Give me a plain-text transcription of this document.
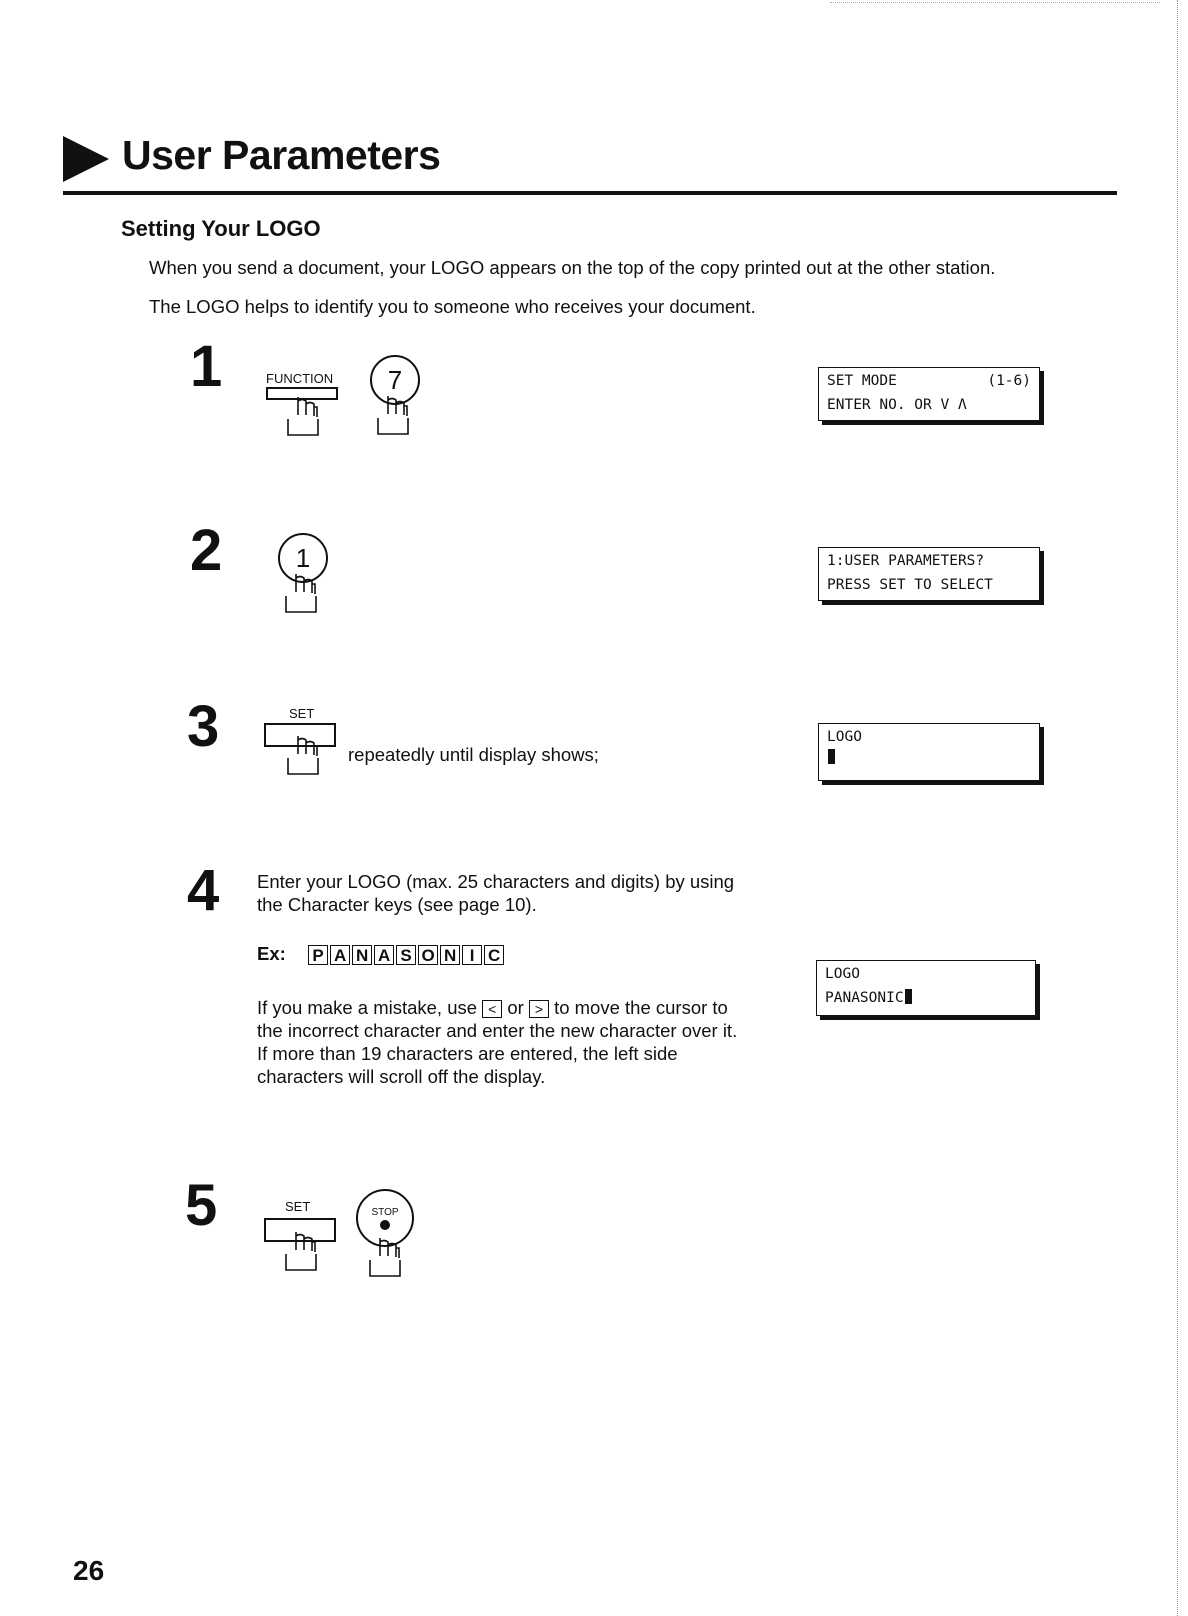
User Parameters
Setting Your LOGO
When you send a document, your LOGO appears on the top of the copy printed out at the other station.
The LOGO helps to identify you to someone who receives your document.
1	FUNCTION	7	SET MODE	(1-6)
ENTER NO. OR V Λ
2	1	1:USER PARAMETERS?
PRESS SET TO SELECT
3	SET
repeatedly until display shows;
LOGO
4 Enter your LOGO (max. 25 characters and digits) by using
the Character keys (see page 10).
Ex: P A N A S O N I C
If you make a mistake, use < or > to move the cursor to
the incorrect character and enter the new character over it.
If more than 19 characters are entered, the left side
characters will scroll off the display.
LOGO
PANASONIC
5	SET	STOP
26
